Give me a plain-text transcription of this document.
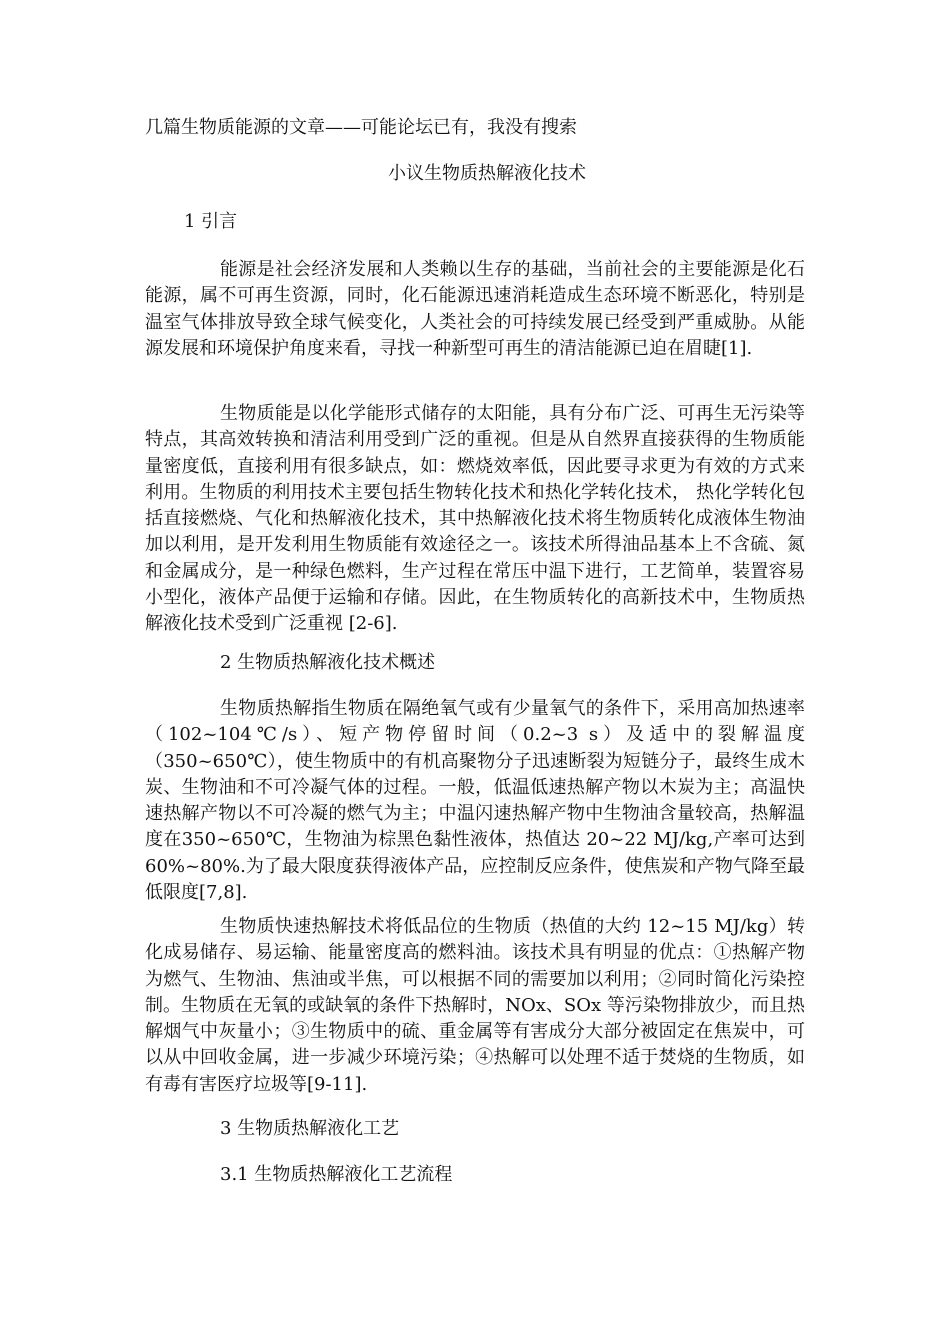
几篇生物质能源的文章——可能论坛已有，我没有搜索
小议生物质热解液化技术
1 引言

能源是社会经济发展和人类赖以生存的基础，当前社会的主要能源是化石能源，属不可再生资源，同时，化石能源迅速消耗造成生态环境不断恶化，特别是温室气体排放导致全球气候变化，人类社会的可持续发展已经受到严重威胁。从能源发展和环境保护角度来看，寻找一种新型可再生的清洁能源已迫在眉睫[1].

生物质能是以化学能形式储存的太阳能，具有分布广泛、可再生无污染等特点，其高效转换和清洁利用受到广泛的重视。但是从自然界直接获得的生物质能量密度低，直接利用有很多缺点，如：燃烧效率低，因此要寻求更为有效的方式来利用。生物质的利用技术主要包括生物转化技术和热化学转化技术， 热化学转化包括直接燃烧、气化和热解液化技术，其中热解液化技术将生物质转化成液体生物油加以利用，是开发利用生物质能有效途径之一。该技术所得油品基本上不含硫、氮和金属成分，是一种绿色燃料，生产过程在常压中温下进行，工艺简单，装置容易小型化，液体产品便于运输和存储。因此，在生物质转化的高新技术中，生物质热解液化技术受到广泛重视 [2-6].

2 生物质热解液化技术概述

生物质热解指生物质在隔绝氧气或有少量氧气的条件下，采用高加热速率（102~104℃/s）、短产物停留时间（0.2~3 s）及适中的裂解温度（350~650℃），使生物质中的有机高聚物分子迅速断裂为短链分子，最终生成木炭、生物油和不可冷凝气体的过程。一般，低温低速热解产物以木炭为主；高温快速热解产物以不可冷凝的燃气为主；中温闪速热解产物中生物油含量较高，热解温度在350~650℃，生物油为棕黑色黏性液体，热值达 20~22 MJ/kg,产率可达到60%~80%.为了最大限度获得液体产品，应控制反应条件，使焦炭和产物气降至最低限度[7,8].

生物质快速热解技术将低品位的生物质（热值的大约 12~15 MJ/kg）转化成易储存、易运输、能量密度高的燃料油。该技术具有明显的优点：①热解产物为燃气、生物油、焦油或半焦，可以根据不同的需要加以利用；②同时简化污染控制。生物质在无氧的或缺氧的条件下热解时，NOx、SOx 等污染物排放少，而且热解烟气中灰量小；③生物质中的硫、重金属等有害成分大部分被固定在焦炭中，可以从中回收金属，进一步减少环境污染；④热解可以处理不适于焚烧的生物质，如有毒有害医疗垃圾等[9-11].

3 生物质热解液化工艺
3.1 生物质热解液化工艺流程
